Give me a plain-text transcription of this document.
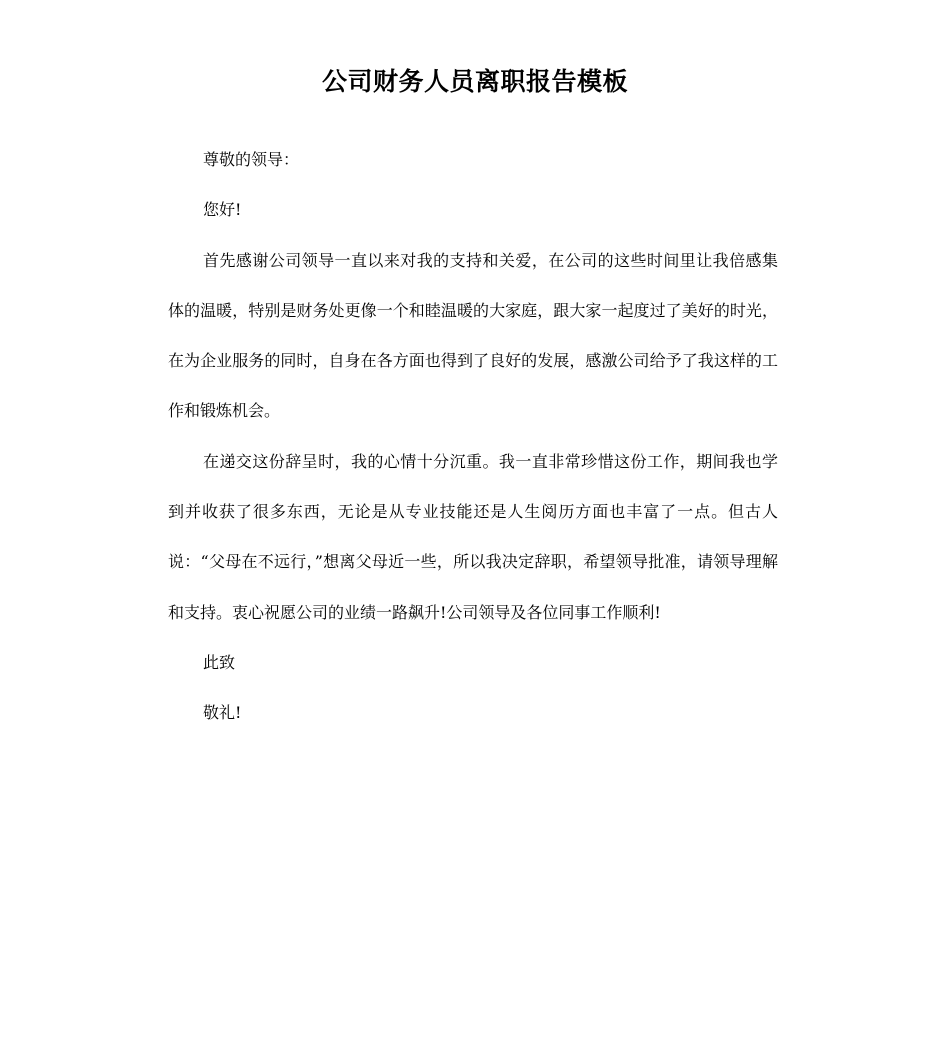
公司财务人员离职报告模板

尊敬的领导：

您好!

首先感谢公司领导一直以来对我的支持和关爱，在公司的这些时间里让我倍感集体的温暖，特别是财务处更像一个和睦温暖的大家庭，跟大家一起度过了美好的时光，在为企业服务的同时，自身在各方面也得到了良好的发展，感激公司给予了我这样的工作和锻炼机会。

在递交这份辞呈时，我的心情十分沉重。我一直非常珍惜这份工作，期间我也学到并收获了很多东西，无论是从专业技能还是人生阅历方面也丰富了一点。但古人说：“父母在不远行，”想离父母近一些，所以我决定辞职，希望领导批准，请领导理解和支持。衷心祝愿公司的业绩一路飙升!公司领导及各位同事工作顺利!

此致

敬礼!
